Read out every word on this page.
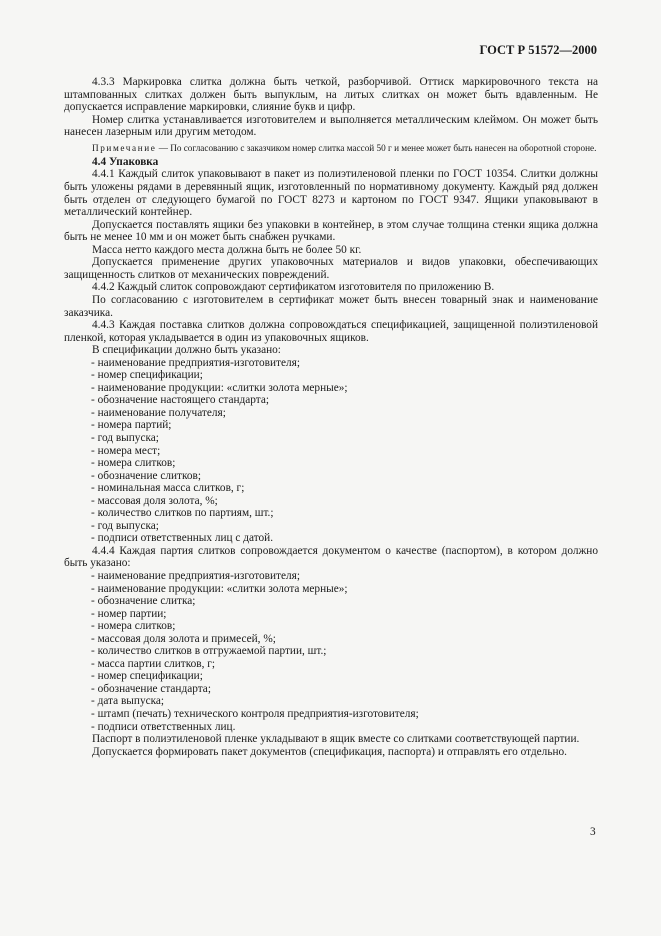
ГОСТ Р 51572—2000

4.3.3 Маркировка слитка должна быть четкой, разборчивой. Оттиск маркировочного текста на штампованных слитках должен быть выпуклым, на литых слитках он может быть вдавленным. Не допускается исправление маркировки, слияние букв и цифр.

Номер слитка устанавливается изготовителем и выполняется металлическим клеймом. Он может быть нанесен лазерным или другим методом.

Примечание — По согласованию с заказчиком номер слитка массой 50 г и менее может быть нанесен на оборотной стороне.

4.4 Упаковка

4.4.1 Каждый слиток упаковывают в пакет из полиэтиленовой пленки по ГОСТ 10354. Слитки должны быть уложены рядами в деревянный ящик, изготовленный по нормативному документу. Каждый ряд должен быть отделен от следующего бумагой по ГОСТ 8273 и картоном по ГОСТ 9347. Ящики упаковывают в металлический контейнер.

Допускается поставлять ящики без упаковки в контейнер, в этом случае толщина стенки ящика должна быть не менее 10 мм и он может быть снабжен ручками.

Масса нетто каждого места должна быть не более 50 кг.

Допускается применение других упаковочных материалов и видов упаковки, обеспечивающих защищенность слитков от механических повреждений.

4.4.2 Каждый слиток сопровождают сертификатом изготовителя по приложению В.

По согласованию с изготовителем в сертификат может быть внесен товарный знак и наименование заказчика.

4.4.3 Каждая поставка слитков должна сопровождаться спецификацией, защищенной полиэтиленовой пленкой, которая укладывается в один из упаковочных ящиков.

В спецификации должно быть указано:

- наименование предприятия-изготовителя;
- номер спецификации;
- наименование продукции: «слитки золота мерные»;
- обозначение настоящего стандарта;
- наименование получателя;
- номера партий;
- год выпуска;
- номера мест;
- номера слитков;
- обозначение слитков;
- номинальная масса слитков, г;
- массовая доля золота, %;
- количество слитков по партиям, шт.;
- год выпуска;
- подписи ответственных лиц с датой.

4.4.4 Каждая партия слитков сопровождается документом о качестве (паспортом), в котором должно быть указано:

- наименование предприятия-изготовителя;
- наименование продукции: «слитки золота мерные»;
- обозначение слитка;
- номер партии;
- номера слитков;
- массовая доля золота и примесей, %;
- количество слитков в отгружаемой партии, шт.;
- масса партии слитков, г;
- номер спецификации;
- обозначение стандарта;
- дата выпуска;
- штамп (печать) технического контроля предприятия-изготовителя;
- подписи ответственных лиц.

Паспорт в полиэтиленовой пленке укладывают в ящик вместе со слитками соответствующей партии.

Допускается формировать пакет документов (спецификация, паспорта) и отправлять его отдельно.

3
